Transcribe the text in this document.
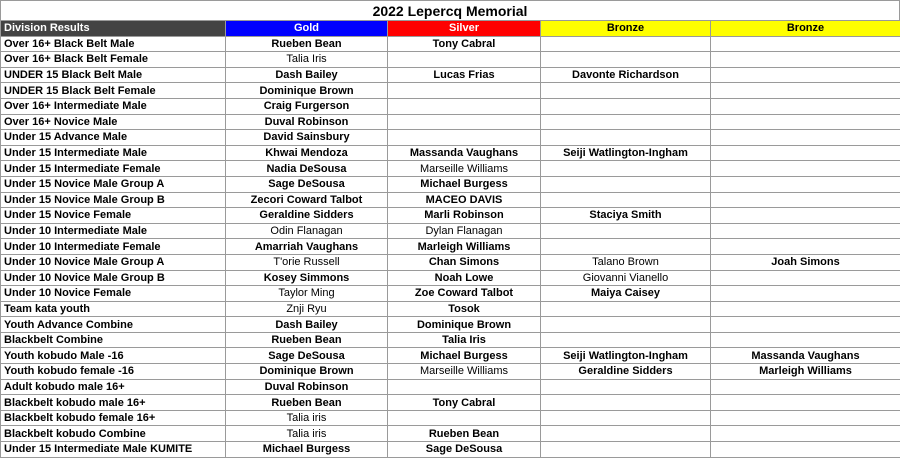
2022 Lepercq Memorial
Division Results	Gold	Silver	Bronze	Bronze
Over 16+ Black Belt Male	Rueben Bean	Tony Cabral		
Over 16+ Black Belt Female	Talia Iris			
UNDER 15 Black Belt Male	Dash Bailey	Lucas Frias	Davonte Richardson	
UNDER 15 Black Belt Female	Dominique Brown			
Over 16+ Intermediate Male	Craig Furgerson			
Over 16+ Novice Male	Duval Robinson			
Under 15 Advance Male	David Sainsbury			
Under 15 Intermediate Male	Khwai Mendoza	Massanda Vaughans	Seiji Watlington-Ingham	
Under 15 Intermediate Female	Nadia DeSousa	Marseille Williams		
Under 15 Novice Male Group A	Sage DeSousa	Michael Burgess		
Under 15 Novice Male Group B	Zecori Coward Talbot	MACEO DAVIS		
Under 15 Novice Female	Geraldine Sidders	Marli Robinson	Staciya Smith	
Under 10 Intermediate Male	Odin Flanagan	Dylan Flanagan		
Under 10 Intermediate Female	Amarriah Vaughans	Marleigh Williams		
Under 10 Novice Male Group A	T'orie Russell	Chan Simons	Talano Brown	Joah Simons
Under 10 Novice Male Group B	Kosey Simmons	Noah Lowe	Giovanni Vianello	
Under 10 Novice Female	Taylor Ming	Zoe Coward Talbot	Maiya Caisey	
Team kata youth	Znji Ryu	Tosok		
Youth Advance Combine	Dash Bailey	Dominique Brown		
Blackbelt Combine	Rueben Bean	Talia Iris		
Youth kobudo Male -16	Sage DeSousa	Michael Burgess	Seiji Watlington-Ingham	Massanda Vaughans
Youth kobudo female -16	Dominique Brown	Marseille Williams	Geraldine Sidders	Marleigh Williams
Adult kobudo male 16+	Duval Robinson			
Blackbelt kobudo male 16+	Rueben Bean	Tony Cabral		
Blackbelt kobudo female 16+	Talia iris			
Blackbelt kobudo Combine	Talia iris	Rueben Bean		
Under 15 Intermediate Male KUMITE	Michael Burgess	Sage DeSousa		
